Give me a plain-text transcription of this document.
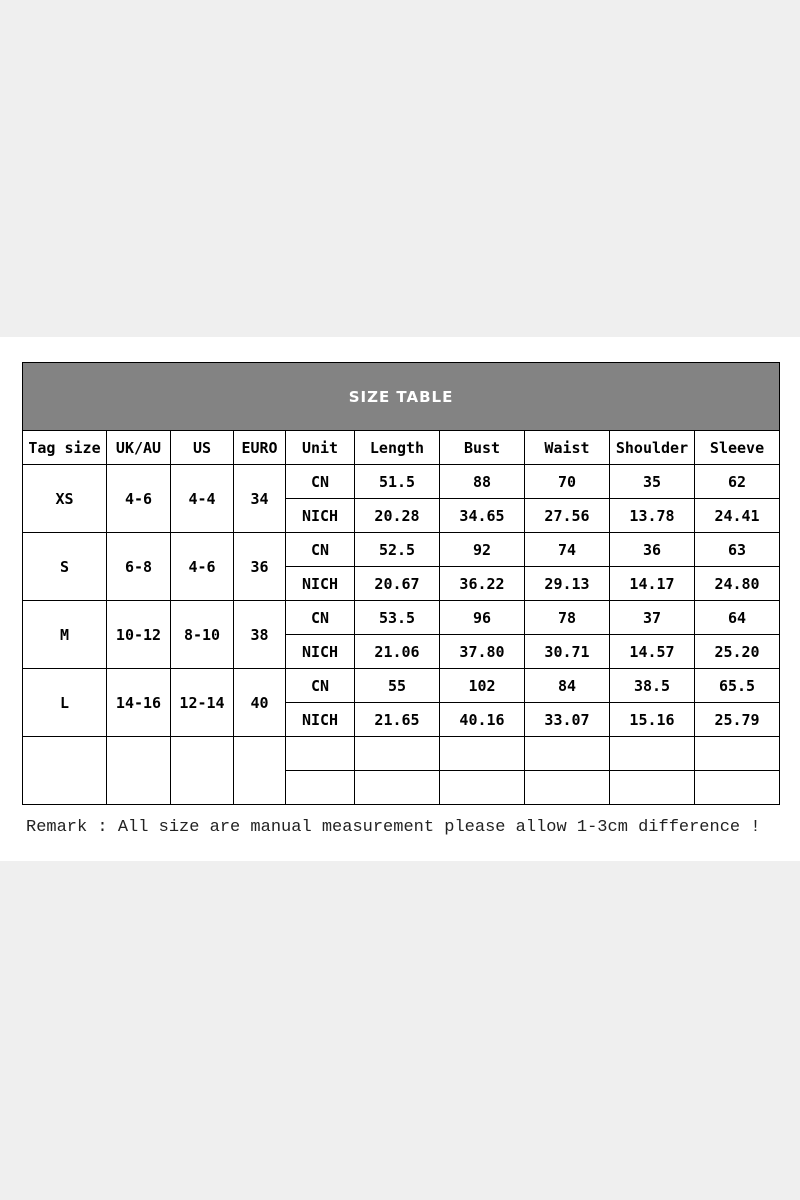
SIZE TABLE									
Tag size	UK/AU	US	EURO	Unit	Length	Bust	Waist	Shoulder	Sleeve
XS	4-6	4-4	34	CN	51.5	88	70	35	62
				NICH	20.28	34.65	27.56	13.78	24.41
S	6-8	4-6	36	CN	52.5	92	74	36	63
				NICH	20.67	36.22	29.13	14.17	24.80
M	10-12	8-10	38	CN	53.5	96	78	37	64
				NICH	21.06	37.80	30.71	14.57	25.20
L	14-16	12-14	40	CN	55	102	84	38.5	65.5
				NICH	21.65	40.16	33.07	15.16	25.79

Remark : All size are manual measurement please allow 1-3cm difference !
